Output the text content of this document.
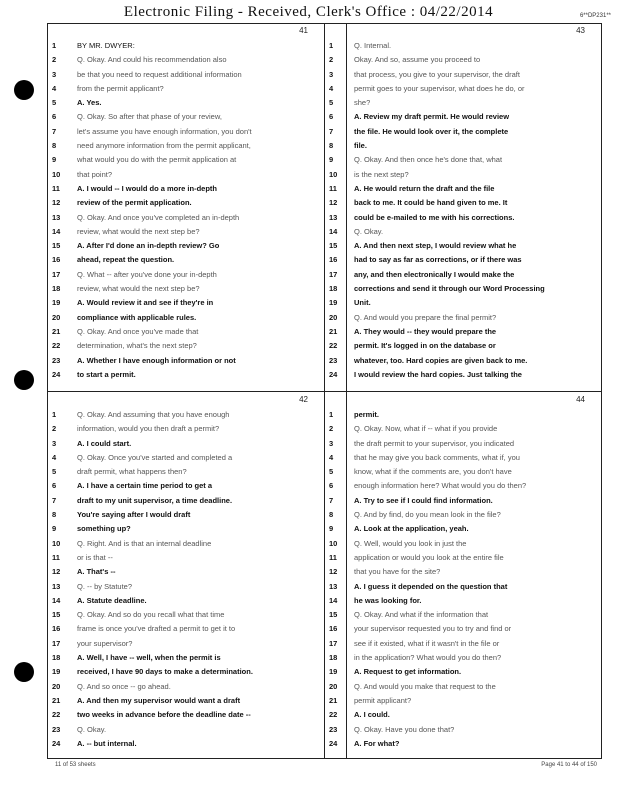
Electronic Filing - Received, Clerk's Office : 04/22/2014	6**DP231**
41
1	BY MR. DWYER:
2	Q. Okay. And could his recommendation also
3	be that you need to request additional information
4	from the permit applicant?
5	A. Yes.
6	Q. Okay. So after that phase of your review,
7	let's assume you have enough information, you don't
8	need anymore information from the permit applicant,
9	what would you do with the permit application at
10	that point?
11	A. I would -- I would do a more in-depth
12	review of the permit application.
13	Q. Okay. And once you've completed an in-depth
14	review, what would the next step be?
15	A. After I'd done an in-depth review? Go
16	ahead, repeat the question.
17	Q. What -- after you've done your in-depth
18	review, what would the next step be?
19	A. Would review it and see if they're in
20	compliance with applicable rules.
21	Q. Okay. And once you've made that
22	determination, what's the next step?
23	A. Whether I have enough information or not
24	to start a permit.
43
1	Q. Internal.
2	Okay. And so, assume you proceed to
3	that process, you give to your supervisor, the draft
4	permit goes to your supervisor, what does he do, or
5	she?
6	A. Review my draft permit. He would review
7	the file. He would look over it, the complete
8	file.
9	Q. Okay. And then once he's done that, what
10	is the next step?
11	A. He would return the draft and the file
12	back to me. It could be hand given to me. It
13	could be e-mailed to me with his corrections.
14	Q. Okay.
15	A. And then next step, I would review what he
16	had to say as far as corrections, or if there was
17	any, and then electronically I would make the
18	corrections and send it through our Word Processing
19	Unit.
20	Q. And would you prepare the final permit?
21	A. They would -- they would prepare the
22	permit. It's logged in on the database or
23	whatever, too. Hard copies are given back to me.
24	I would review the hard copies. Just talking the
42
1	Q. Okay. And assuming that you have enough
2	information, would you then draft a permit?
3	A. I could start.
4	Q. Okay. Once you've started and completed a
5	draft permit, what happens then?
6	A. I have a certain time period to get a
7	draft to my unit supervisor, a time deadline.
8	You're saying after I would draft
9	something up?
10	Q. Right. And is that an internal deadline
11	or is that --
12	A. That's --
13	Q. -- by Statute?
14	A. Statute deadline.
15	Q. Okay. And so do you recall what that time
16	frame is once you've drafted a permit to get it to
17	your supervisor?
18	A. Well, I have -- well, when the permit is
19	received, I have 90 days to make a determination.
20	Q. And so once -- go ahead.
21	A. And then my supervisor would want a draft
22	two weeks in advance before the deadline date --
23	Q. Okay.
24	A. -- but internal.
44
1	permit.
2	Q. Okay. Now, what if -- what if you provide
3	the draft permit to your supervisor, you indicated
4	that he may give you back comments, what if, you
5	know, what if the comments are, you don't have
6	enough information here? What would you do then?
7	A. Try to see if I could find information.
8	Q. And by find, do you mean look in the file?
9	A. Look at the application, yeah.
10	Q. Well, would you look in just the
11	application or would you look at the entire file
12	that you have for the site?
13	A. I guess it depended on the question that
14	he was looking for.
15	Q. Okay. And what if the information that
16	your supervisor requested you to try and find or
17	see if it existed, what if it wasn't in the file or
18	in the application? What would you do then?
19	A. Request to get information.
20	Q. And would you make that request to the
21	permit applicant?
22	A. I could.
23	Q. Okay. Have you done that?
24	A. For what?
11 of 53 sheets	Page 41 to 44 of 150
